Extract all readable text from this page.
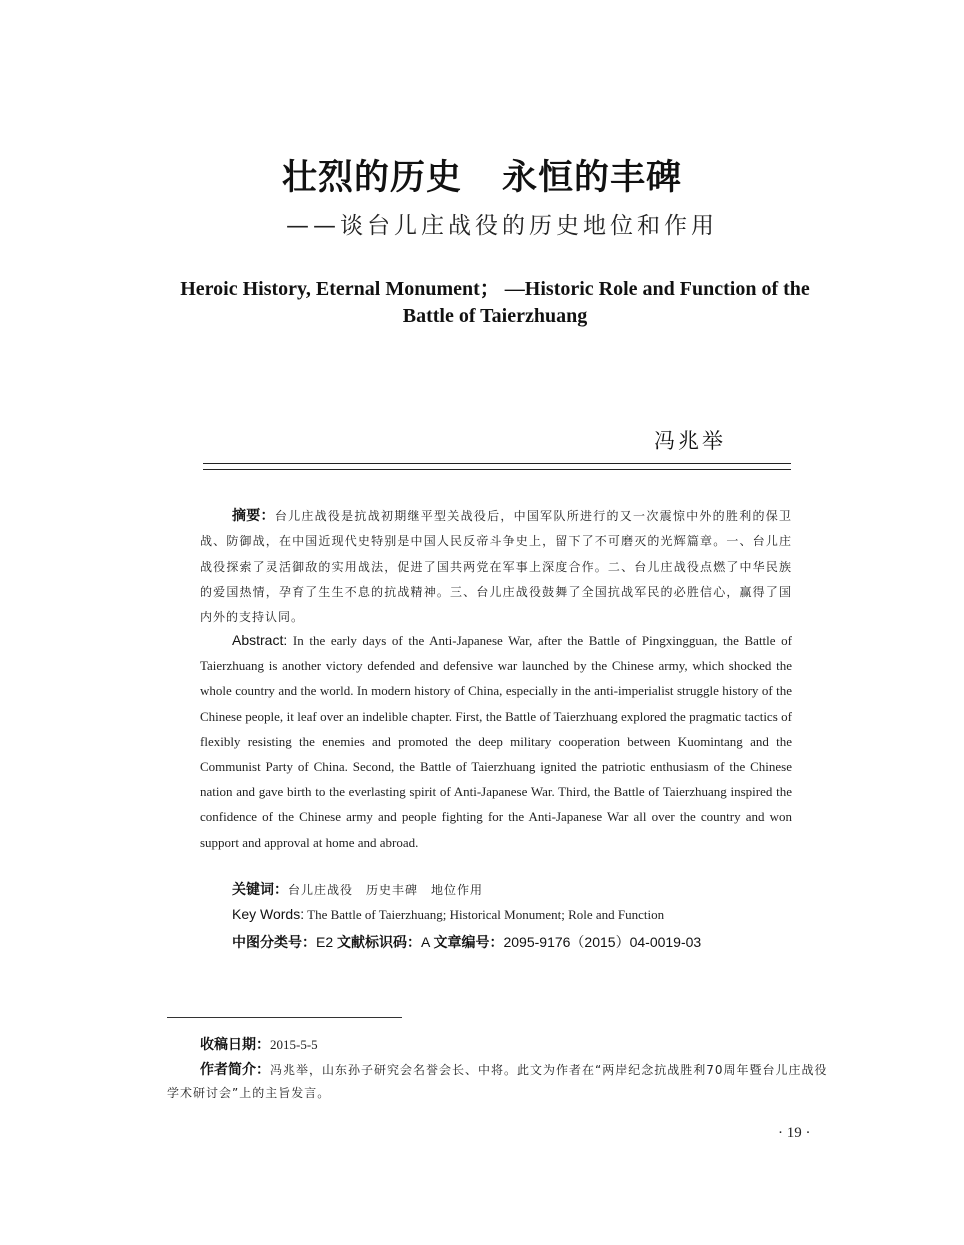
壮烈的历史 永恒的丰碑
——谈台儿庄战役的历史地位和作用
Heroic History, Eternal Monument； —Historic Role and Function of the Battle of Taierzhuang
冯兆举
摘要：台儿庄战役是抗战初期继平型关战役后，中国军队所进行的又一次震惊中外的胜利的保卫战、防御战，在中国近现代史特别是中国人民反帝斗争史上，留下了不可磨灭的光辉篇章。一、台儿庄战役探索了灵活御敌的实用战法，促进了国共两党在军事上深度合作。二、台儿庄战役点燃了中华民族的爱国热情，孕育了生生不息的抗战精神。三、台儿庄战役鼓舞了全国抗战军民的必胜信心，赢得了国内外的支持认同。
Abstract: In the early days of the Anti-Japanese War, after the Battle of Pingxingguan, the Battle of Taierzhuang is another victory defended and defensive war launched by the Chinese army, which shocked the whole country and the world. In modern history of China, especially in the anti-imperialist struggle history of the Chinese people, it leaf over an indelible chapter. First, the Battle of Taierzhuang explored the pragmatic tactics of flexibly resisting the enemies and promoted the deep military cooperation between Kuomintang and the Communist Party of China. Second, the Battle of Taierzhuang ignited the patriotic enthusiasm of the Chinese nation and gave birth to the everlasting spirit of Anti-Japanese War. Third, the Battle of Taierzhuang inspired the confidence of the Chinese army and people fighting for the Anti-Japanese War all over the country and won support and approval at home and abroad.
关键词：台儿庄战役　历史丰碑　地位作用
Key Words: The Battle of Taierzhuang; Historical Monument; Role and Function
中图分类号：E2 文献标识码：A 文章编号：2095-9176（2015）04-0019-03
收稿日期：2015-5-5
作者简介：冯兆举，山东孙子研究会名誉会长、中将。此文为作者在“两岸纪念抗战胜利70周年暨台儿庄战役学术研讨会”上的主旨发言。
· 19 ·
